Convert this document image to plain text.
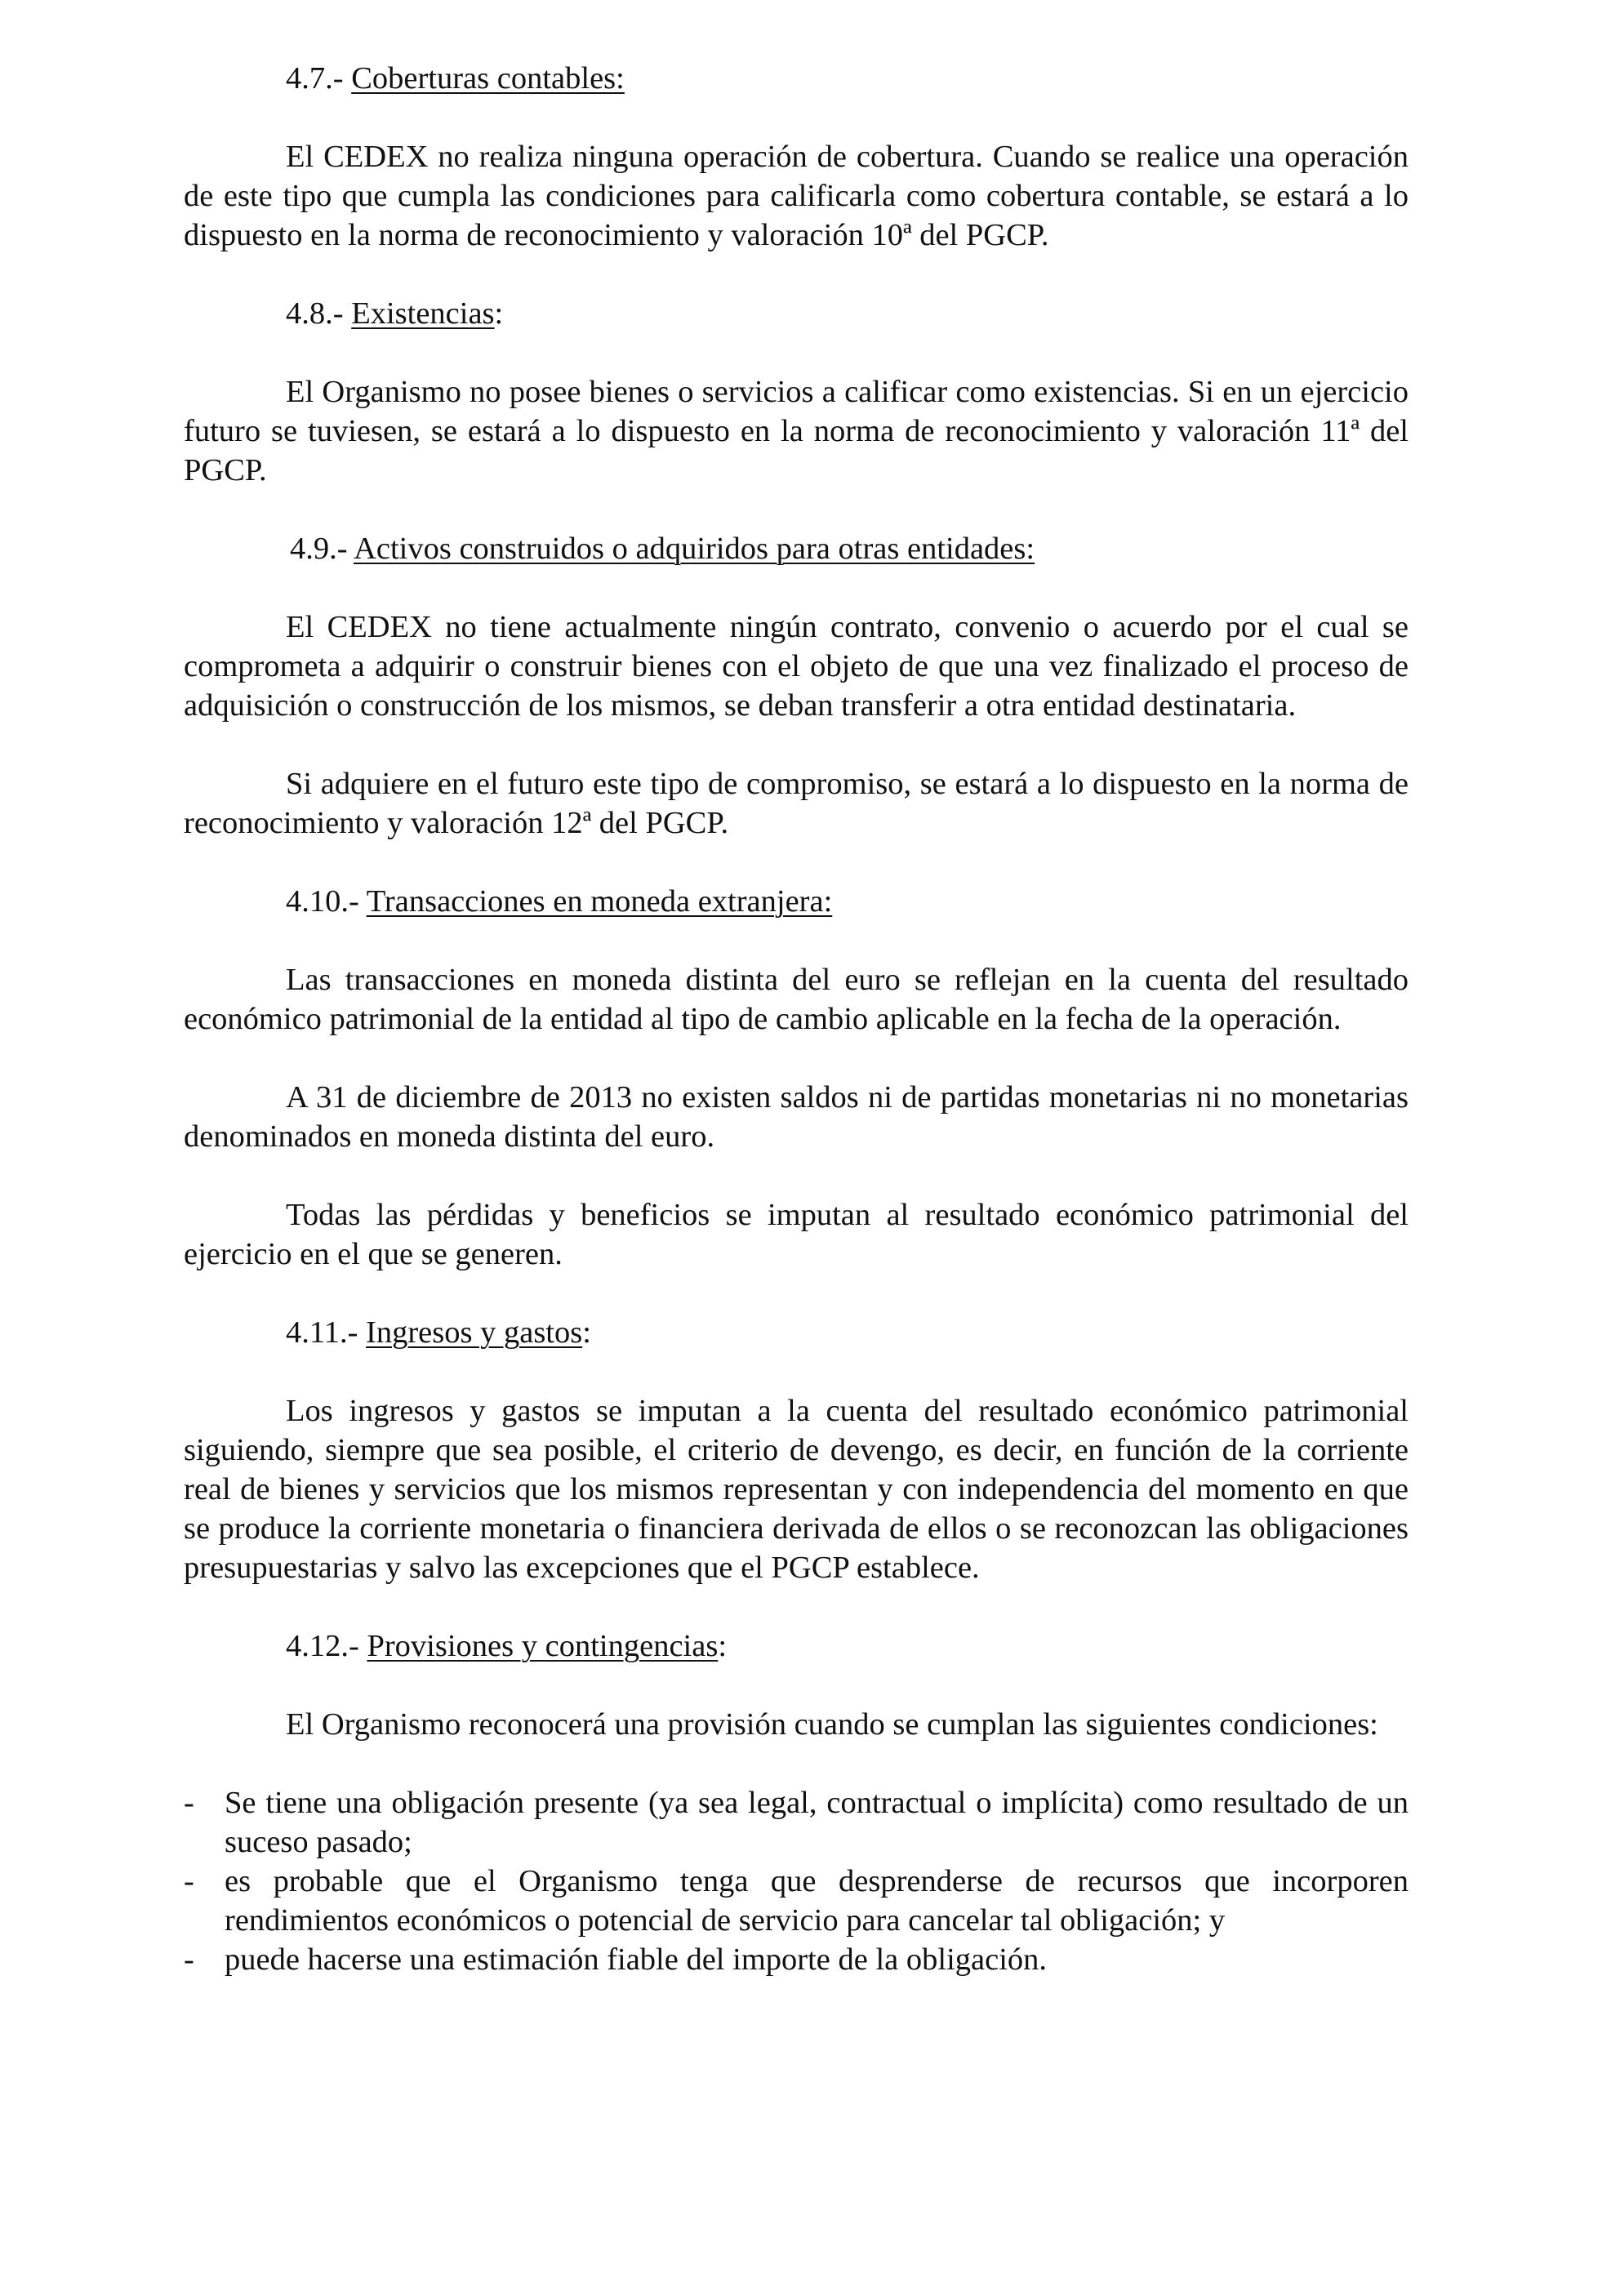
4.7.- Coberturas contables:

El CEDEX no realiza ninguna operación de cobertura. Cuando se realice una operación de este tipo que cumpla las condiciones para calificarla como cobertura contable, se estará a lo dispuesto en la norma de reconocimiento y valoración 10ª del PGCP.

4.8.- Existencias:

El Organismo no posee bienes o servicios a calificar como existencias. Si en un ejercicio futuro se tuviesen, se estará a lo dispuesto en la norma de reconocimiento y valoración 11ª del PGCP.

4.9.- Activos construidos o adquiridos para otras entidades:

El CEDEX no tiene actualmente ningún contrato, convenio o acuerdo por el cual se comprometa a adquirir o construir bienes con el objeto de que una vez finalizado el proceso de adquisición o construcción de los mismos, se deban transferir a otra entidad destinataria.

Si adquiere en el futuro este tipo de compromiso, se estará a lo dispuesto en la norma de reconocimiento y valoración 12ª del PGCP.

4.10.- Transacciones en moneda extranjera:

Las transacciones en moneda distinta del euro se reflejan en la cuenta del resultado económico patrimonial de la entidad al tipo de cambio aplicable en la fecha de la operación.

A 31 de diciembre de 2013 no existen saldos ni de partidas monetarias ni no monetarias denominados en moneda distinta del euro.

Todas las pérdidas y beneficios se imputan al resultado económico patrimonial del ejercicio en el que se generen.

4.11.- Ingresos y gastos:

Los ingresos y gastos se imputan a la cuenta del resultado económico patrimonial siguiendo, siempre que sea posible, el criterio de devengo, es decir, en función de la corriente real de bienes y servicios que los mismos representan y con independencia del momento en que se produce la corriente monetaria o financiera derivada de ellos o se reconozcan las obligaciones presupuestarias y salvo las excepciones que el PGCP establece.

4.12.- Provisiones y contingencias:

El Organismo reconocerá una provisión cuando se cumplan las siguientes condiciones:

- Se tiene una obligación presente (ya sea legal, contractual o implícita) como resultado de un suceso pasado;
- es probable que el Organismo tenga que desprenderse de recursos que incorporen rendimientos económicos o potencial de servicio para cancelar tal obligación; y
- puede hacerse una estimación fiable del importe de la obligación.
